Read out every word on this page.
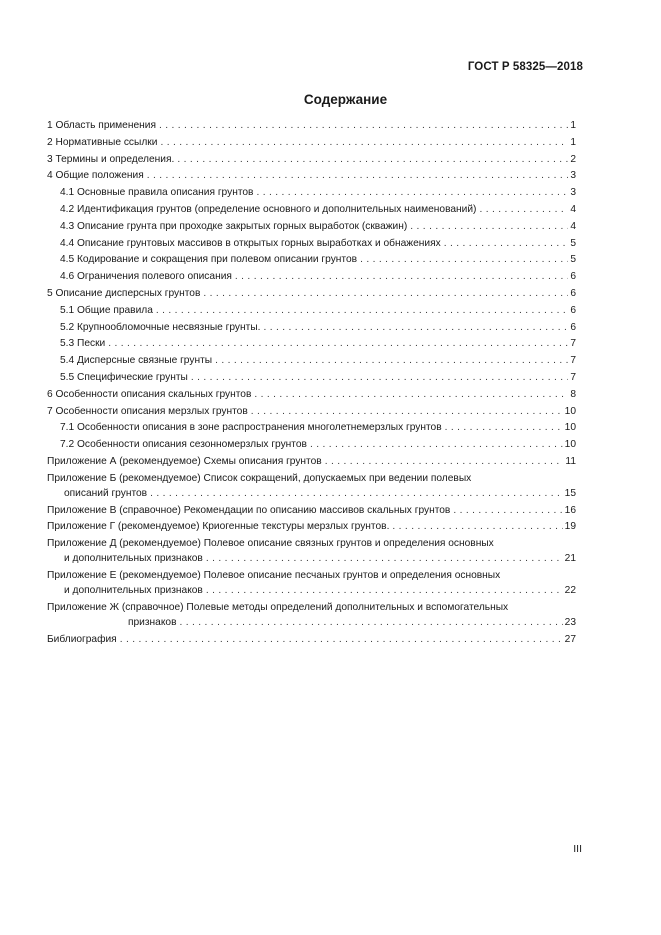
ГОСТ Р 58325—2018
Содержание
1 Область применения . . .	1
2 Нормативные ссылки . . .	1
3 Термины и определения. . . .	2
4 Общие положения . . .	3
4.1 Основные правила описания грунтов . . .	3
4.2 Идентификация грунтов (определение основного и дополнительных наименований) . . .	4
4.3 Описание грунта при проходке закрытых горных выработок (скважин) . . .	4
4.4 Описание грунтовых массивов в открытых горных выработках и обнажениях . . .	5
4.5 Кодирование и сокращения при полевом описании грунтов . . .	5
4.6 Ограничения полевого описания . . .	6
5 Описание дисперсных грунтов . . .	6
5.1 Общие правила . . .	6
5.2 Крупнообломочные несвязные грунты. . . .	6
5.3 Пески . . .	7
5.4 Дисперсные связные грунты . . .	7
5.5 Специфические грунты . . .	7
6 Особенности описания скальных грунтов . . .	8
7 Особенности описания мерзлых грунтов . . .	10
7.1 Особенности описания в зоне распространения многолетнемерзлых грунтов . . .	10
7.2 Особенности описания сезонномерзлых грунтов . . .	10
Приложение А (рекомендуемое) Схемы описания грунтов . . .	11
Приложение Б (рекомендуемое) Список сокращений, допускаемых при ведении полевых
описаний грунтов . . .	15
Приложение В (справочное) Рекомендации по описанию массивов скальных грунтов . . .	16
Приложение Г (рекомендуемое) Криогенные текстуры мерзлых грунтов. . . .	19
Приложение Д (рекомендуемое) Полевое описание связных грунтов и определения основных
и дополнительных признаков . . .	21
Приложение Е (рекомендуемое) Полевое описание песчаных грунтов и определения основных
и дополнительных признаков . . .	22
Приложение Ж (справочное) Полевые методы определений дополнительных и вспомогательных
признаков . . .	23
Библиография . . .	27
III
